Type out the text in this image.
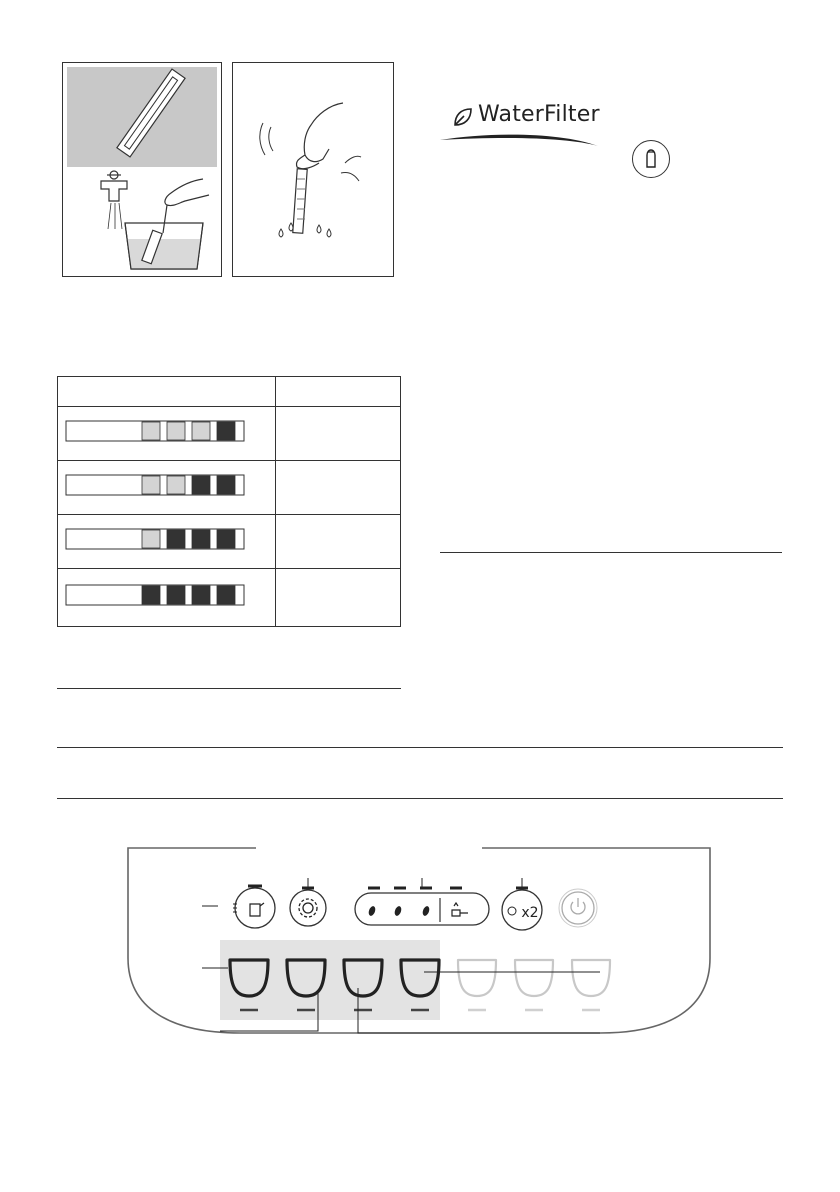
WaterFilter

x2
